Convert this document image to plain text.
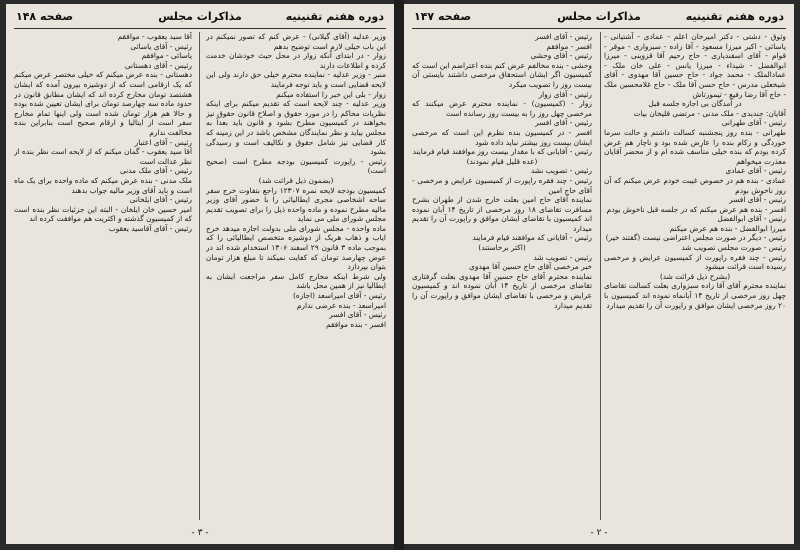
صفحه ۱۴۸	مذاکرات مجلس	دوره هفتم تقنینیه

وزیر عدلیه (آقای گیلانی) - عرض کنم که تصور نمیکنم در این باب خیلی لازم است توضیح بدهم

زوار - در ابتدای آنکه زوار در محل حیث خودشان خدمت کرده و اطلاعات دارند

منبر - وزیر عدلیه - نماینده محترم خیلی حق دارند ولی این لایحه قضایی است و باید توجه فرمایند

زوار - بلی این خبر را استفاده میکنم

وزیر عدلیه - چند لایحه است که تقدیم میکنم برای اینکه نظریات محاکم را در مورد حقوق و اصلاح قانون حقوق نیز بخواهند در کمیسیون مطرح بشود و قانون باید بعداً به مجلس بیاید و نظر نمایندگان مشخص باشد در این زمینه که کار قضایی نیز شامل حقوق و تکالیف است و رسیدگی بشود

رئیس - راپورت کمیسیون بودجه مطرح است (صحیح است)

(بضمون ذیل قرائت شد)

کمیسیون بودجه لایحه نمره ۱۲۳۰۷ راجع بتفاوت خرج سفر ساحه اشخاصی مجری ایطالیائی را با حضور آقای وزیر مالیه مطرح نموده و ماده واحده ذیل را برای تصویب تقدیم مجلس شورای ملی می نماید

ماده واحده - مجلس شورای ملی بدولت اجازه میدهد خرج ایاب و ذهاب هریک از دوشیزه متخصص ایطالیائی را که بموجب ماده ۳ قانون ۲۹ اسفند ۱۳۰۶ استخدام شده اند در عوض چهارصد تومان که کفایت نمیکند تا مبلغ هزار تومان بتوان بپردازد

ولی شرط اینکه مخارج کامل سفر مراجعت ایشان به ایطالیا نیز از همین محل باشد

رئیس - آقای امیراسعد (اجازه)

امیراسعد - بنده عرضی ندارم

رئیس - آقای افسر

افسر - بنده موافقم

آقا سید یعقوب - موافقم

رئیس - آقای یاسائی

یاسائی - موافقم

رئیس - آقای دهستانی

دهستانی - بنده عرض میکنم که خیلی مختصر عرض میکنم که یک ارقامی است که از دوشیزه بیرون آمده که ایشان هشتصد تومان مخارج کرده اند که ایشان مطابق قانون در حدود ماده سه چهارصد تومان برای ایشان تعیین شده بوده و حالا هم هزار تومان شده است ولی اینها تمام مخارج سفر است از ایتالیا و ارقام صحیح است بنابراین بنده مخالفت ندارم

رئیس - آقای اعتبار

آقا سید یعقوب - گمان میکنم که از لایحه است نظر بنده از نظر عدالت است

رئیس - آقای ملک مدنی

ملک مدنی - بنده عرض میکنم که ماده واحده برای یک ماه است و باید آقای وزیر مالیه جواب بدهند

رئیس - آقای ایلخانی

امیر حسین خان ایلخان - البته این جزئیات نظر بنده است که از کمیسیون گذشته و اکثریت هم موافقت کرده اند

رئیس - آقای آقاسید یعقوب

- ۳ -
دوره هفتم تقنینیه
مذاکرات مجلس
صفحه ۱۴۷

وثوق - دشتی - دکتر امیرخان اعلم - عمادی - آشتیانی - یاسائی - اکبر میرزا مسعود - آقا زاده - سبزواری - موقر - قوام - آقای اسفندیاری - حاج رحیم آقا قزوینی - میرزا ابوالفضل - شیداء - میرزا یانس - علی خان ملک - عمادالملک - محمد جواد - حاج حسین آقا مهدوی - آقای شیخعلی مدرس - حاج حسن آقا ملک - حاج غلامحسین ملک - حاج آقا رضا رفیع - تیمورتاش

در آمدگان بی اجازه جلسه قبل

آقایان: جندیدی - ملک مدنی - مرتضی قلیخان بیات

رئیس - آقای طهرانی

طهرانی - بنده روز پنجشنبه کسالت داشتم و حالت سرما خوردگی و زکام بنده را عارض شده بود و ناچار هم عرض کرده بودم که بنده خیلی متأسف شده ام و از محضر آقایان معذرت میخواهم

رئیس - آقای عمادی

عمادی - بنده هم در خصوص غیبت خودم عرض میکنم که آن روز ناخوش بودم

رئیس - آقای افسر

افسر - بنده هم عرض میکنم که در جلسه قبل ناخوش بودم

رئیس - آقای ابوالفضل

میرزا ابوالفضل - بنده هم عرض میکنم

رئیس - دیگر در صورت مجلس اعتراضی نیست (گفتند خیر)

رئیس - صورت مجلس تصویب شد

رئیس - چند فقره راپورت از کمیسیون عرایض و مرخصی رسیده است قرائت میشود

(بشرح ذیل قرائت شد)

نماینده محترم آقای آقا زاده سبزواری بعلت کسالت تقاضای چهل روز مرخصی از تاریخ ۱۴ آبانماه نموده اند کمیسیون با ۲۰ روز مرخصی ایشان موافق و راپورت آن را تقدیم میدارد

رئیس - آقای افسر

افسر - موافقم

رئیس - آقای وحشی

وحشی - بنده مخالفم عرض کنم بنده اعتراضم این است که کمیسیون اگر ایشان استحقاق مرخصی داشتند بایستی آن بیست روز را تصویب میکرد

رئیس - آقای زوار

زوار - (کمیسیون) - نماینده محترم عرض میکنند که مرخصی چهل روز را به بیست روز رسانده است

رئیس - آقای افسر

افسر - در کمیسیون بنده نظرم این است که مرخصی ایشان بیست روز بیشتر نباید داده شود

رئیس - آقایانی که با مقدار بیست روز موافقند قیام فرمایند

(عده قلیل قیام نمودند)

رئیس - تصویب نشد

رئیس - چند فقره راپورت از کمیسیون عرایض و مرخصی - آقای حاج امین

نماینده آقای حاج امین بعلت خارج شدن از طهران بشرح مسافرت تقاضای ۱۸ روز مرخصی از تاریخ ۱۴ آبان نموده اند کمیسیون با تقاضای ایشان موافق و راپورت آن را تقدیم میدارد

رئیس - آقایانی که موافقند قیام فرمایند

(اکثر برخاستند)

رئیس - تصویب شد

خبر مرخصی آقای حاج حسین آقا مهدوی

نماینده محترم آقای حاج حسین آقا مهدوی بعلت گرفتاری تقاضای مرخصی از تاریخ ۱۴ آبان نموده اند و کمیسیون عرایض و مرخصی با تقاضای ایشان موافق و راپورت آن را تقدیم میدارد

- ۲ -
